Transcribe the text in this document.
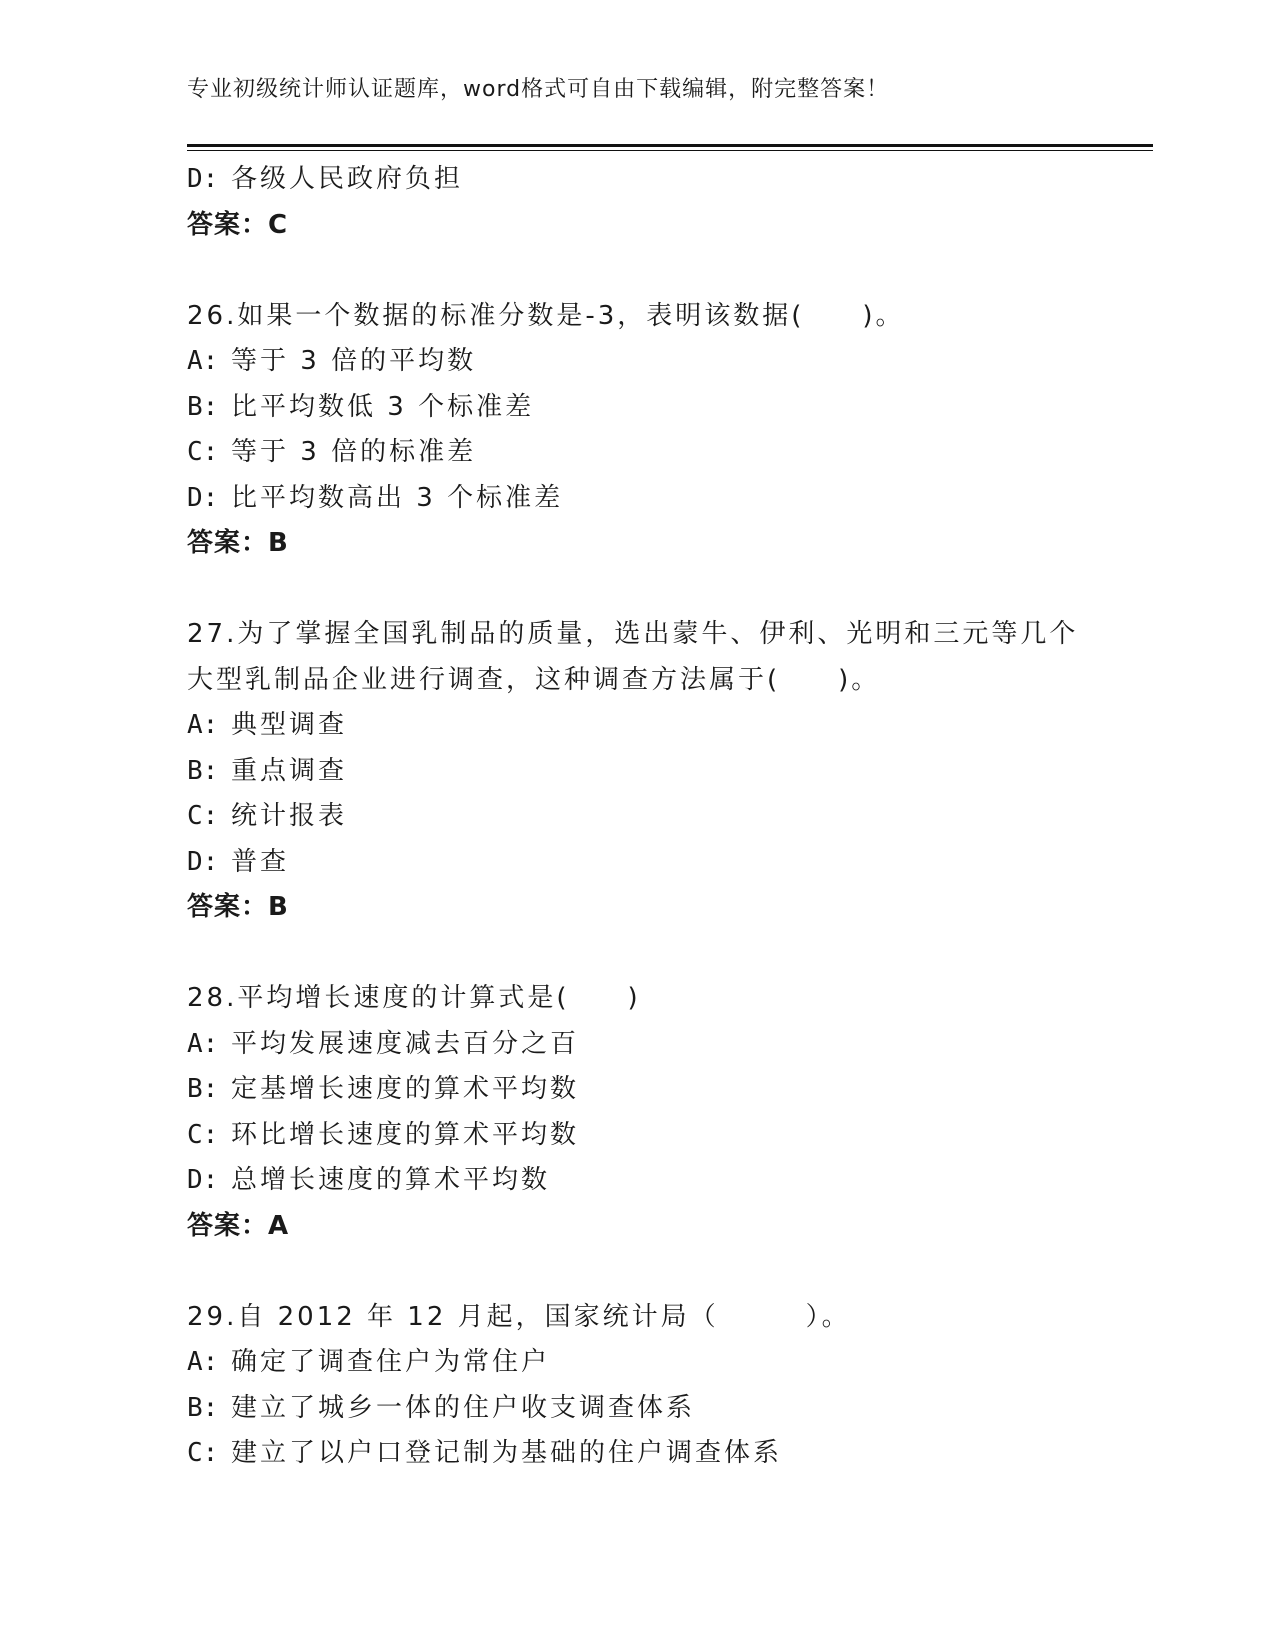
专业初级统计师认证题库，word格式可自由下载编辑，附完整答案！
D: 各级人民政府负担
答案：C
26.如果一个数据的标准分数是-3，表明该数据(　　)。
A: 等于 3 倍的平均数
B: 比平均数低 3 个标准差
C: 等于 3 倍的标准差
D: 比平均数高出 3 个标准差
答案：B
27.为了掌握全国乳制品的质量，选出蒙牛、伊利、光明和三元等几个
大型乳制品企业进行调查，这种调查方法属于(　　)。
A: 典型调查
B: 重点调查
C: 统计报表
D: 普查
答案：B
28.平均增长速度的计算式是(　　)
A: 平均发展速度减去百分之百
B: 定基增长速度的算术平均数
C: 环比增长速度的算术平均数
D: 总增长速度的算术平均数
答案：A
29.自 2012 年 12 月起，国家统计局（　　　）。
A: 确定了调查住户为常住户
B: 建立了城乡一体的住户收支调查体系
C: 建立了以户口登记制为基础的住户调查体系
